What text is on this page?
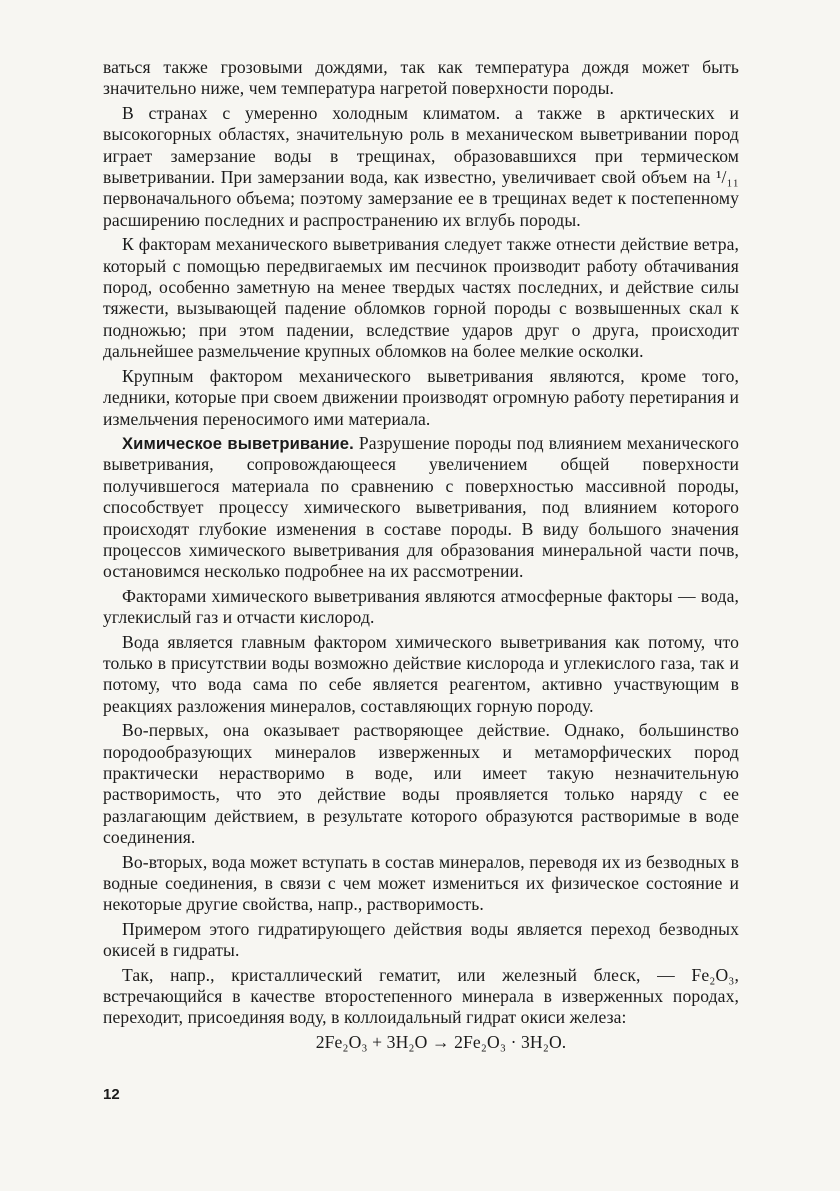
ваться также грозовыми дождями, так как температура дождя может быть значительно ниже, чем температура нагретой поверхности породы.

В странах с умеренно холодным климатом. а также в арктических и высокогорных областях, значительную роль в механическом выветривании пород играет замерзание воды в трещинах, образовавшихся при термическом выветривании. При замерзании вода, как известно, увеличивает свой объем на ¹/₁₁ первоначального объема; поэтому замерзание ее в трещинах ведет к постепенному расширению последних и распространению их вглубь породы.

К факторам механического выветривания следует также отнести действие ветра, который с помощью передвигаемых им песчинок производит работу обтачивания пород, особенно заметную на менее твердых частях последних, и действие силы тяжести, вызывающей падение обломков горной породы с возвышенных скал к подножью; при этом падении, вследствие ударов друг о друга, происходит дальнейшее размельчение крупных обломков на более мелкие осколки.

Крупным фактором механического выветривания являются, кроме того, ледники, которые при своем движении производят огромную работу перетирания и измельчения переносимого ими материала.

Химическое выветривание. Разрушение породы под влиянием механического выветривания, сопровождающееся увеличением общей поверхности получившегося материала по сравнению с поверхностью массивной породы, способствует процессу химического выветривания, под влиянием которого происходят глубокие изменения в составе породы. В виду большого значения процессов химического выветривания для образования минеральной части почв, остановимся несколько подробнее на их рассмотрении.

Факторами химического выветривания являются атмосферные факторы — вода, углекислый газ и отчасти кислород.

Вода является главным фактором химического выветривания как потому, что только в присутствии воды возможно действие кислорода и углекислого газа, так и потому, что вода сама по себе является реагентом, активно участвующим в реакциях разложения минералов, составляющих горную породу.

Во-первых, она оказывает растворяющее действие. Однако, большинство породообразующих минералов изверженных и метаморфических пород практически нерастворимо в воде, или имеет такую незначительную растворимость, что это действие воды проявляется только наряду с ее разлагающим действием, в результате которого образуются растворимые в воде соединения.

Во-вторых, вода может вступать в состав минералов, переводя их из безводных в водные соединения, в связи с чем может измениться их физическое состояние и некоторые другие свойства, напр., растворимость.

Примером этого гидратирующего действия воды является переход безводных окисей в гидраты.

Так, напр., кристаллический гематит, или железный блеск, — Fe₂O₃, встречающийся в качестве второстепенного минерала в изверженных породах, переходит, присоединяя воду, в коллоидальный гидрат окиси железа:

2Fe₂O₃ + 3H₂O → 2Fe₂O₃ · 3H₂O.

12
